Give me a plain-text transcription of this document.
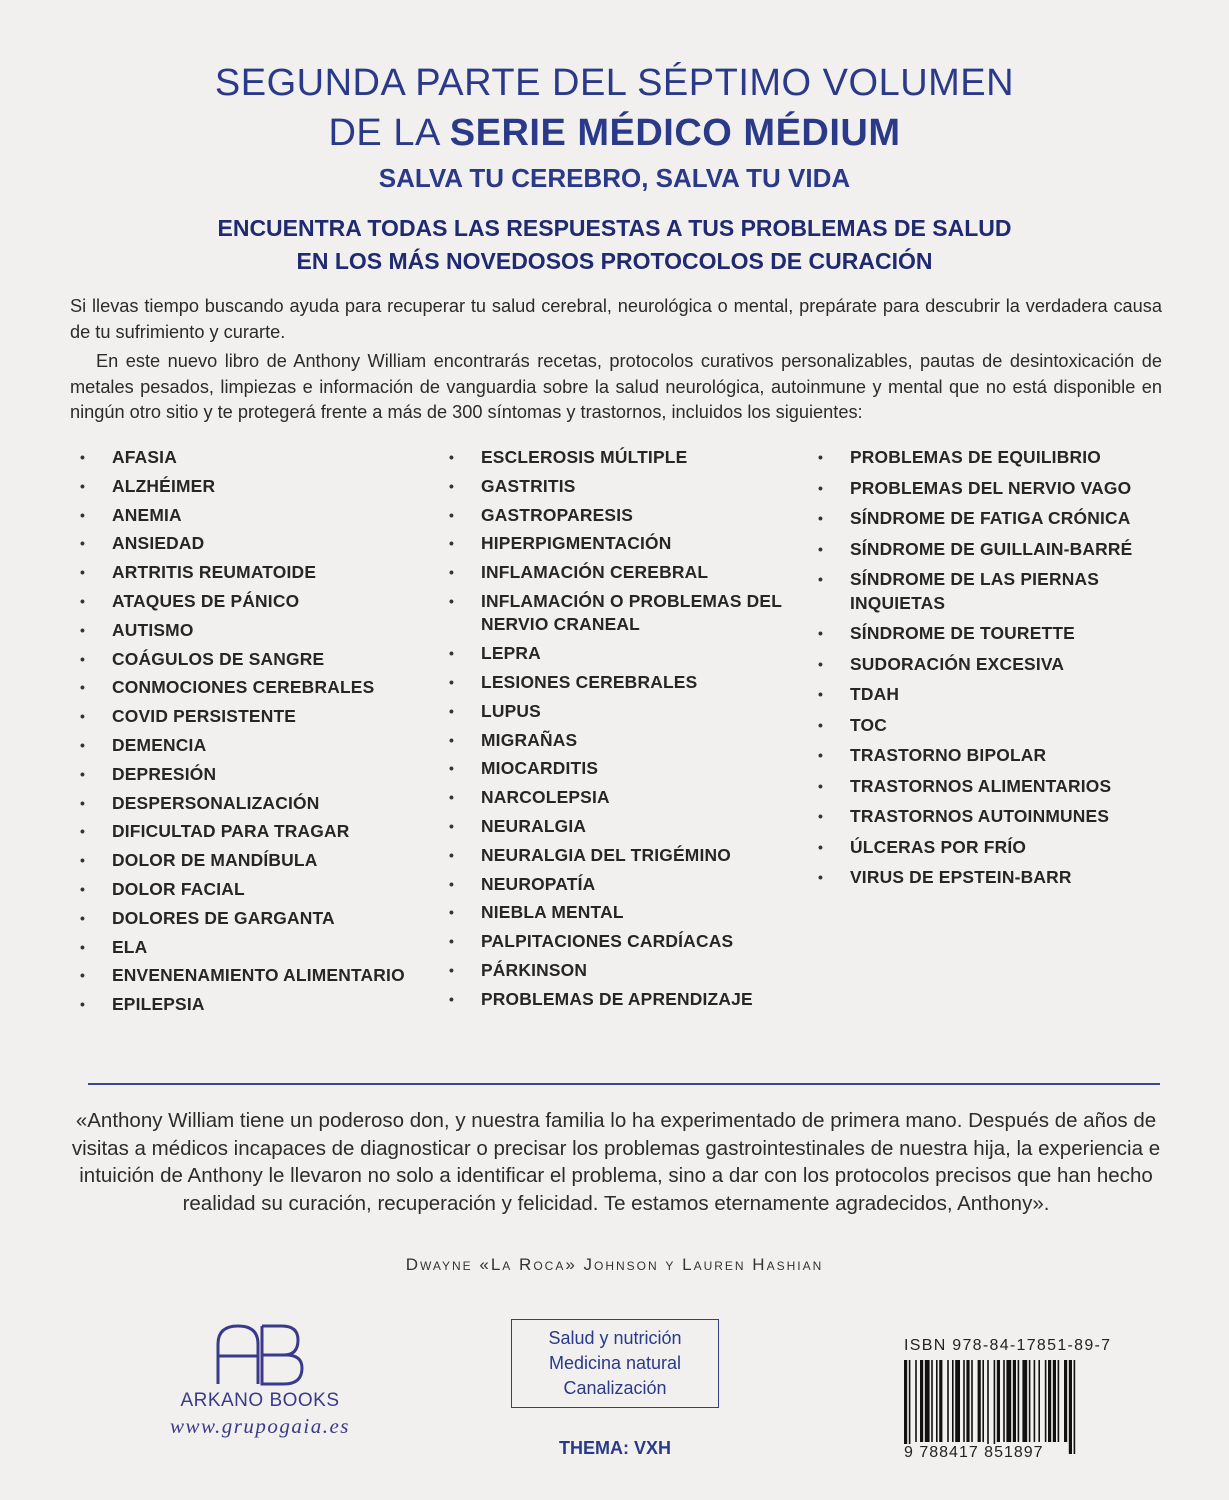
SEGUNDA PARTE DEL SÉPTIMO VOLUMEN
DE LA SERIE MÉDICO MÉDIUM
SALVA TU CEREBRO, SALVA TU VIDA
ENCUENTRA TODAS LAS RESPUESTAS A TUS PROBLEMAS DE SALUD
EN LOS MÁS NOVEDOSOS PROTOCOLOS DE CURACIÓN

Si llevas tiempo buscando ayuda para recuperar tu salud cerebral, neurológica o mental, prepárate para descubrir la verdadera causa de tu sufrimiento y curarte.

En este nuevo libro de Anthony William encontrarás recetas, protocolos curativos personalizables, pautas de desintoxicación de metales pesados, limpiezas e información de vanguardia sobre la salud neurológica, autoinmune y mental que no está disponible en ningún otro sitio y te protegerá frente a más de 300 síntomas y trastornos, incluidos los siguientes:

• AFASIA
• ALZHÉIMER
• ANEMIA
• ANSIEDAD
• ARTRITIS REUMATOIDE
• ATAQUES DE PÁNICO
• AUTISMO
• COÁGULOS DE SANGRE
• CONMOCIONES CEREBRALES
• COVID PERSISTENTE
• DEMENCIA
• DEPRESIÓN
• DESPERSONALIZACIÓN
• DIFICULTAD PARA TRAGAR
• DOLOR DE MANDÍBULA
• DOLOR FACIAL
• DOLORES DE GARGANTA
• ELA
• ENVENENAMIENTO ALIMENTARIO
• EPILEPSIA
• ESCLEROSIS MÚLTIPLE
• GASTRITIS
• GASTROPARESIS
• HIPERPIGMENTACIÓN
• INFLAMACIÓN CEREBRAL
• INFLAMACIÓN O PROBLEMAS DEL NERVIO CRANEAL
• LEPRA
• LESIONES CEREBRALES
• LUPUS
• MIGRAÑAS
• MIOCARDITIS
• NARCOLEPSIA
• NEURALGIA
• NEURALGIA DEL TRIGÉMINO
• NEUROPATÍA
• NIEBLA MENTAL
• PALPITACIONES CARDÍACAS
• PÁRKINSON
• PROBLEMAS DE APRENDIZAJE
• PROBLEMAS DE EQUILIBRIO
• PROBLEMAS DEL NERVIO VAGO
• SÍNDROME DE FATIGA CRÓNICA
• SÍNDROME DE GUILLAIN-BARRÉ
• SÍNDROME DE LAS PIERNAS INQUIETAS
• SÍNDROME DE TOURETTE
• SUDORACIÓN EXCESIVA
• TDAH
• TOC
• TRASTORNO BIPOLAR
• TRASTORNOS ALIMENTARIOS
• TRASTORNOS AUTOINMUNES
• ÚLCERAS POR FRÍO
• VIRUS DE EPSTEIN-BARR
«Anthony William tiene un poderoso don, y nuestra familia lo ha experimentado de primera mano. Después de años de visitas a médicos incapaces de diagnosticar o precisar los problemas gastrointestinales de nuestra hija, la experiencia e intuición de Anthony le llevaron no solo a identificar el problema, sino a dar con los protocolos precisos que han hecho realidad su curación, recuperación y felicidad. Te estamos eternamente agradecidos, Anthony».
Dwayne «La Roca» Johnson y Lauren Hashian
ARKANO BOOKS
www.grupogaia.es
Salud y nutrición
Medicina natural
Canalización
THEMA: VXH
ISBN 978-84-17851-89-7
9 788417 851897
